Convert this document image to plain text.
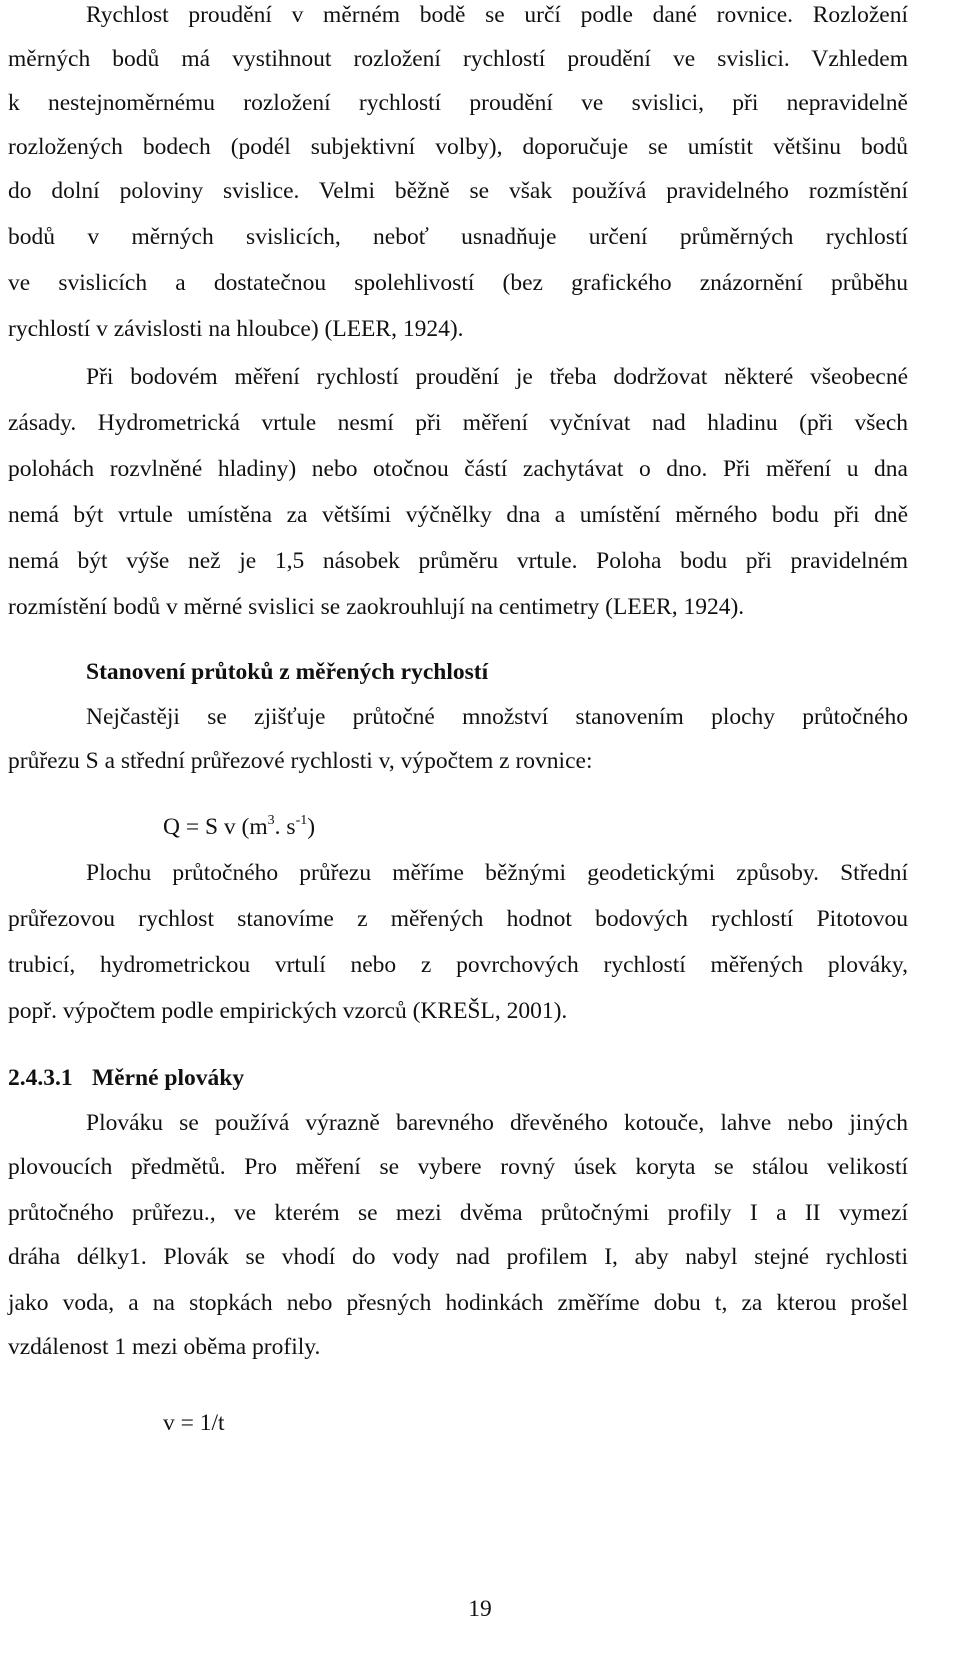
Rychlost proudění v měrném bodě se určí podle dané rovnice. Rozložení
měrných bodů má vystihnout rozložení rychlostí proudění ve svislici. Vzhledem
k nestejnoměrnému rozložení rychlostí proudění ve svislici, při nepravidelně
rozložených bodech (podél subjektivní volby), doporučuje se umístit většinu bodů
do dolní poloviny svislice. Velmi běžně se však používá pravidelného rozmístění
bodů v měrných svislicích, neboť usnadňuje určení průměrných rychlostí
ve svislicích a dostatečnou spolehlivostí (bez grafického znázornění průběhu
rychlostí v závislosti na hloubce) (LEER, 1924).
Při bodovém měření rychlostí proudění je třeba dodržovat některé všeobecné
zásady. Hydrometrická vrtule nesmí při měření vyčnívat nad hladinu (při všech
polohách rozvlněné hladiny) nebo otočnou částí zachytávat o dno. Při měření u dna
nemá být vrtule umístěna za většími výčnělky dna a umístění měrného bodu při dně
nemá být výše než je 1,5 násobek průměru vrtule. Poloha bodu při pravidelném
rozmístění bodů v měrné svislici se zaokrouhlují na centimetry (LEER, 1924).
Stanovení průtoků z měřených rychlostí
Nejčastěji se zjišťuje průtočné množství stanovením plochy průtočného
průřezu S a střední průřezové rychlosti v, výpočtem z rovnice:
Q = S v ($m^3$. $s^{-1}$)
Plochu průtočného průřezu měříme běžnými geodetickými způsoby. Střední
průřezovou rychlost stanovíme z měřených hodnot bodových rychlostí Pitotovou
trubicí, hydrometrickou vrtulí nebo z povrchových rychlostí měřených plováky,
popř. výpočtem podle empirických vzorců (KREŠL, 2001).
2.4.3.1 Měrné plováky
Plováku se používá výrazně barevného dřevěného kotouče, lahve nebo jiných
plovoucích předmětů. Pro měření se vybere rovný úsek koryta se stálou velikostí
průtočného průřezu., ve kterém se mezi dvěma průtočnými profily I a II vymezí
dráha délky1. Plovák se vhodí do vody nad profilem I, aby nabyl stejné rychlosti
jako voda, a na stopkách nebo přesných hodinkách změříme dobu t, za kterou prošel
vzdálenost 1 mezi oběma profily.
v = 1/t
19
